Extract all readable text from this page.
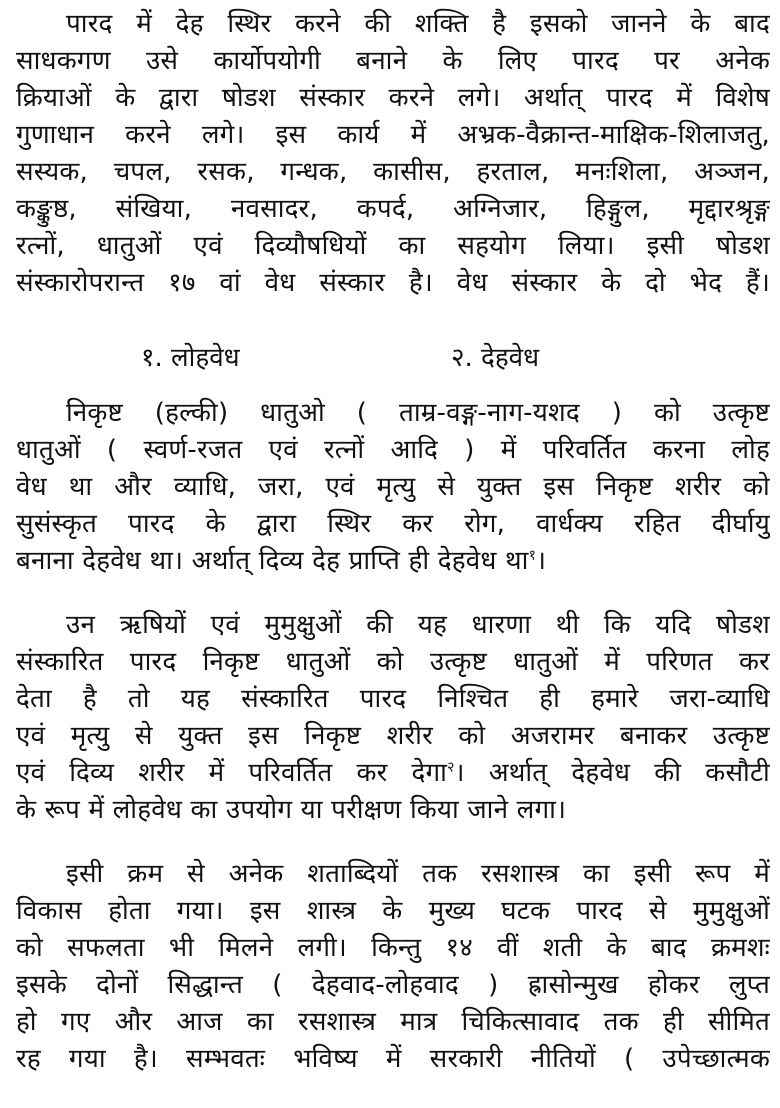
पारद में देह स्थिर करने की शक्ति है इसको जानने के बाद
साधकगण उसे कार्योपयोगी बनाने के लिए पारद पर अनेक
क्रियाओं के द्वारा षोडश संस्कार करने लगे। अर्थात् पारद में विशेष
गुणाधान करने लगे। इस कार्य में अभ्रक-वैक्रान्त-माक्षिक-शिलाजतु,
सस्यक, चपल, रसक, गन्धक, कासीस, हरताल, मनःशिला, अञ्जन,
कङ्कुष्ठ, संखिया, नवसादर, कपर्द, अग्निजार, हिङ्गुल, मृद्दारश्रृङ्ग
रत्नों, धातुओं एवं दिव्यौषधियों का सहयोग लिया। इसी षोडश
संस्कारोपरान्त १७ वां वेध संस्कार है। वेध संस्कार के दो भेद हैं।
१. लोहवेध	२. देहवेध
निकृष्ट (हल्की) धातुओ ( ताम्र-वङ्ग-नाग-यशद ) को उत्कृष्ट
धातुओं ( स्वर्ण-रजत एवं रत्नों आदि ) में परिवर्तित करना लोह
वेध था और व्याधि, जरा, एवं मृत्यु से युक्त इस निकृष्ट शरीर को
सुसंस्कृत पारद के द्वारा स्थिर कर रोग, वार्धक्य रहित दीर्घायु
बनाना देहवेध था। अर्थात् दिव्य देह प्राप्ति ही देहवेध था$^१$।
उन ऋषियों एवं मुमुक्षुओं की यह धारणा थी कि यदि षोडश
संस्कारित पारद निकृष्ट धातुओं को उत्कृष्ट धातुओं में परिणत कर
देता है तो यह संस्कारित पारद निश्चित ही हमारे जरा-व्याधि
एवं मृत्यु से युक्त इस निकृष्ट शरीर को अजरामर बनाकर उत्कृष्ट
एवं दिव्य शरीर में परिवर्तित कर देगा$^२$। अर्थात् देहवेध की कसौटी
के रूप में लोहवेध का उपयोग या परीक्षण किया जाने लगा।
इसी क्रम से अनेक शताब्दियों तक रसशास्त्र का इसी रूप में
विकास होता गया। इस शास्त्र के मुख्य घटक पारद से मुमुक्षुओं
को सफलता भी मिलने लगी। किन्तु १४ वीं शती के बाद क्रमशः
इसके दोनों सिद्धान्त ( देहवाद-लोहवाद ) ह्रासोन्मुख होकर लुप्त
हो गए और आज का रसशास्त्र मात्र चिकित्सावाद तक ही सीमित
रह गया है। सम्भवतः भविष्य में सरकारी नीतियों ( उपेच्छात्मक
